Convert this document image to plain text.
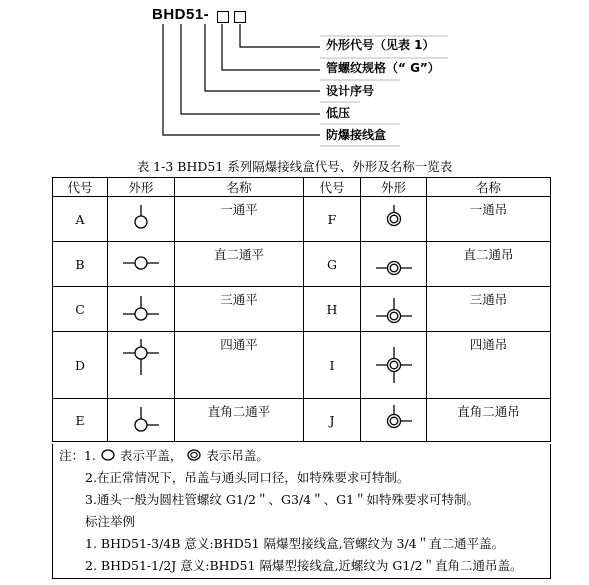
BHD51-
外形代号（见表 1）
管螺纹规格（“ G”）
设计序号
低压
防爆接线盒
表 1-3 BHD51 系列隔爆接线盒代号、外形及名称一览表
代号	外形	名称	代号	外形	名称
A		一通平	F		一通吊
B		直二通平	G		直二通吊
C		三通平	H		三通吊
D		四通平	I		四通吊
E		直角二通平	J		直角二通吊
注：1. 表示平盖， 表示吊盖。
2.在正常情况下，吊盖与通头同口径，如特殊要求可特制。
3.通头一般为圆柱管螺纹 G1/2＂、G3/4＂、G1＂如特殊要求可特制。
标注举例
1. BHD51-3/4B 意义:BHD51 隔爆型接线盒,管螺纹为 3/4＂直二通平盖。
2. BHD51-1/2J 意义:BHD51 隔爆型接线盒,近螺纹为 G1/2＂直角二通吊盖。
